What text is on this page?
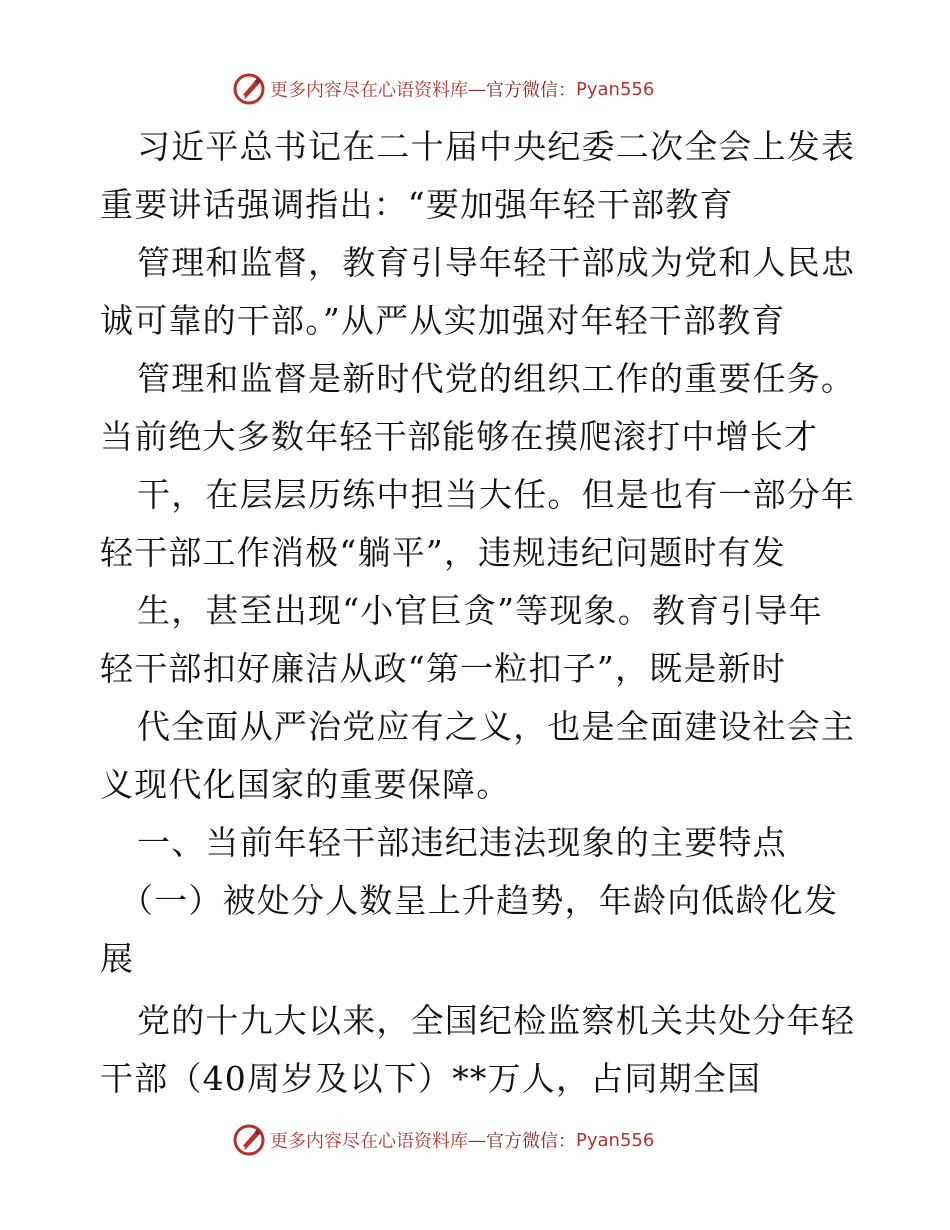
更多内容尽在心语资料库 — 官方微信： Pyan556
习近平总书记在二十届中央纪委二次全会上发表
重要讲话强调指出：“要加强年轻干部教育
管理和监督，教育引导年轻干部成为党和人民忠
诚可靠的干部。”从严从实加强对年轻干部教育
管理和监督是新时代党的组织工作的重要任务。
当前绝大多数年轻干部能够在摸爬滚打中增长才
干，在层层历练中担当大任。但是也有一部分年
轻干部工作消极“躺平”，违规违纪问题时有发
生，甚至出现“小官巨贪”等现象。教育引导年
轻干部扣好廉洁从政“第一粒扣子”，既是新时
代全面从严治党应有之义，也是全面建设社会主
义现代化国家的重要保障。
一、当前年轻干部违纪违法现象的主要特点
（一）被处分人数呈上升趋势，年龄向低龄化发
展
党的十九大以来，全国纪检监察机关共处分年轻
干部（40周岁及以下）**万人，占同期全国
更多内容尽在心语资料库 — 官方微信： Pyan556
